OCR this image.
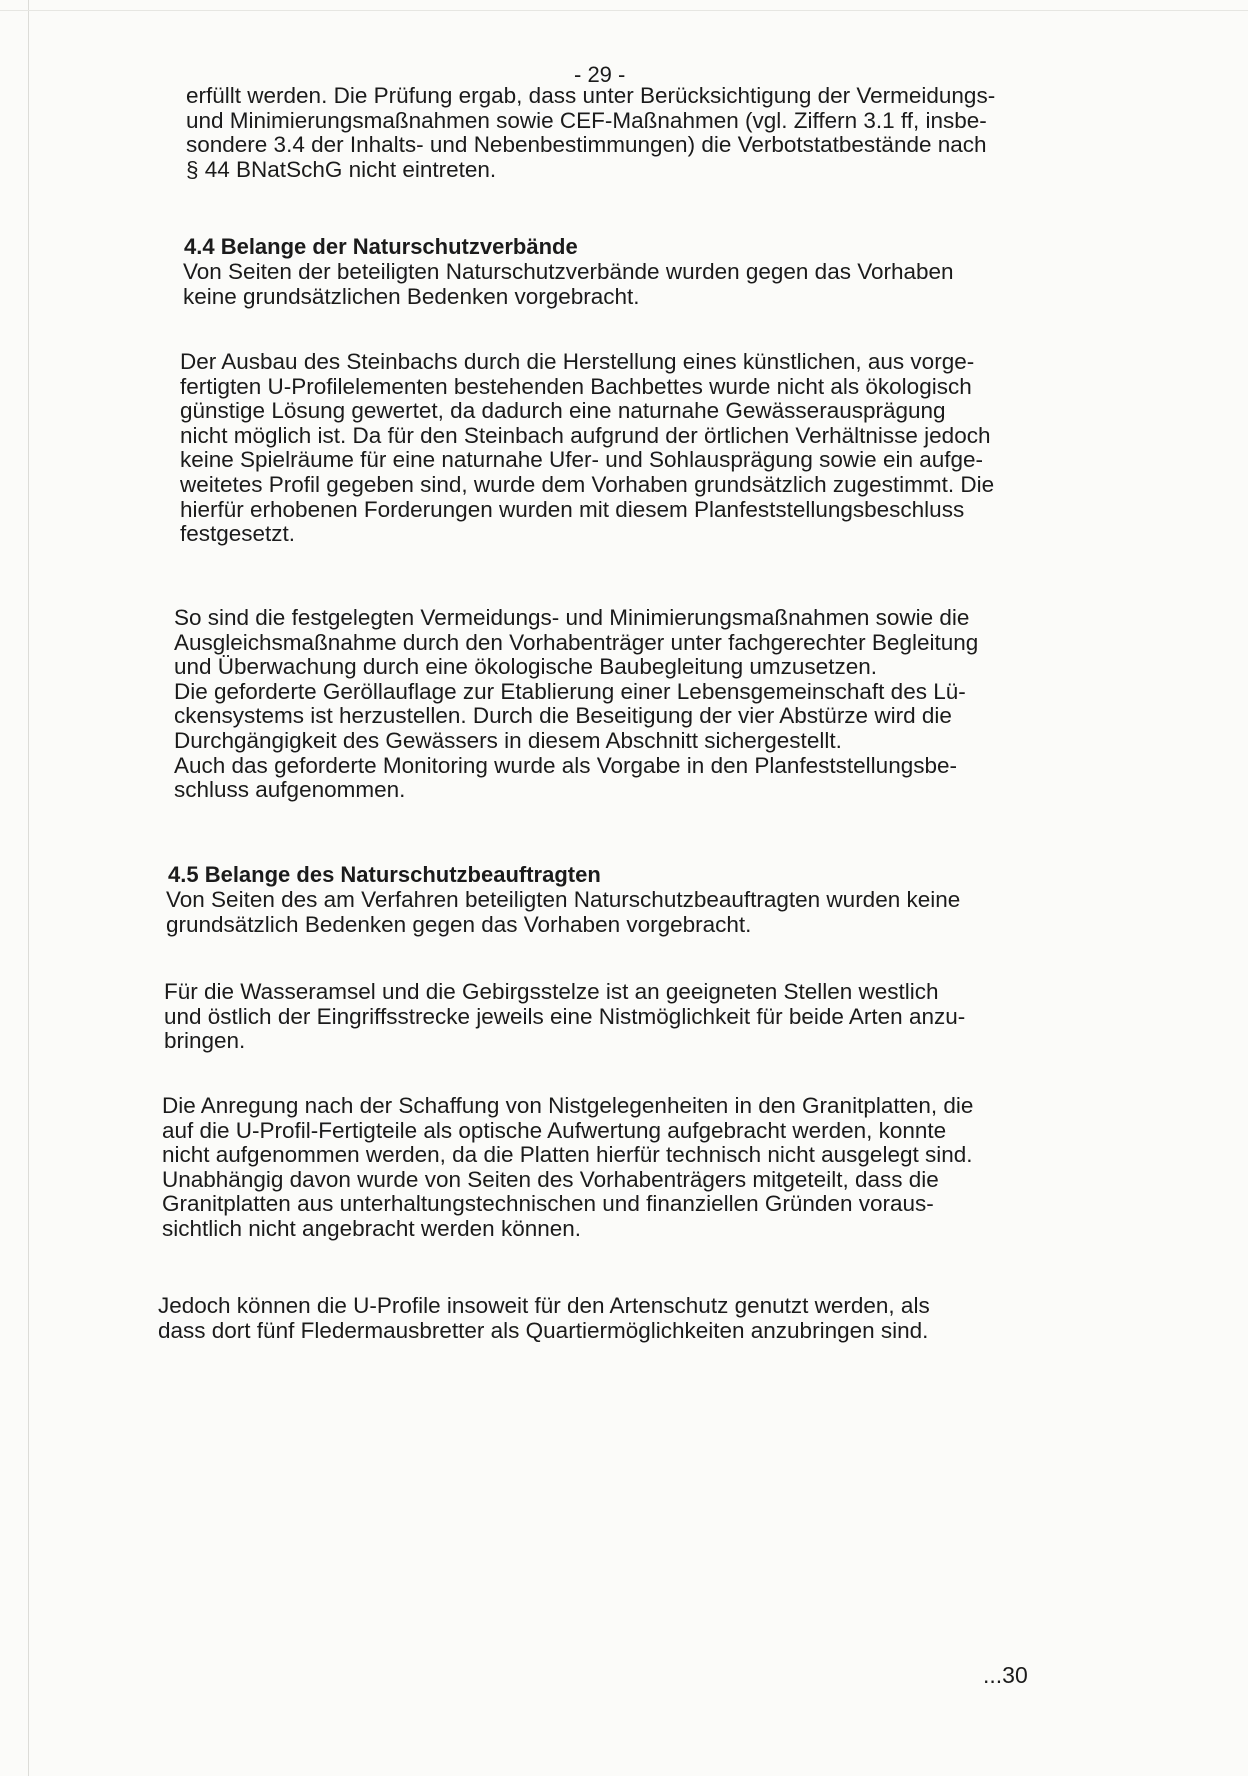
- 29 -

erfüllt werden. Die Prüfung ergab, dass unter Berücksichtigung der Vermeidungs-
und Minimierungsmaßnahmen sowie CEF-Maßnahmen (vgl. Ziffern 3.1 ff, insbe-
sondere 3.4 der Inhalts- und Nebenbestimmungen) die Verbotstatbestände nach
§ 44 BNatSchG nicht eintreten.

4.4 Belange der Naturschutzverbände

Von Seiten der beteiligten Naturschutzverbände wurden gegen das Vorhaben
keine grundsätzlichen Bedenken vorgebracht.

Der Ausbau des Steinbachs durch die Herstellung eines künstlichen, aus vorge-
fertigten U-Profilelementen bestehenden Bachbettes wurde nicht als ökologisch
günstige Lösung gewertet, da dadurch eine naturnahe Gewässerausprägung
nicht möglich ist. Da für den Steinbach aufgrund der örtlichen Verhältnisse jedoch
keine Spielräume für eine naturnahe Ufer- und Sohlausprägung sowie ein aufge-
weitetes Profil gegeben sind, wurde dem Vorhaben grundsätzlich zugestimmt. Die
hierfür erhobenen Forderungen wurden mit diesem Planfeststellungsbeschluss
festgesetzt.

So sind die festgelegten Vermeidungs- und Minimierungsmaßnahmen sowie die
Ausgleichsmaßnahme durch den Vorhabenträger unter fachgerechter Begleitung
und Überwachung durch eine ökologische Baubegleitung umzusetzen.
Die geforderte Geröllauflage zur Etablierung einer Lebensgemeinschaft des Lü-
ckensystems ist herzustellen. Durch die Beseitigung der vier Abstürze wird die
Durchgängigkeit des Gewässers in diesem Abschnitt sichergestellt.
Auch das geforderte Monitoring wurde als Vorgabe in den Planfeststellungsbe-
schluss aufgenommen.

4.5 Belange des Naturschutzbeauftragten

Von Seiten des am Verfahren beteiligten Naturschutzbeauftragten wurden keine
grundsätzlich Bedenken gegen das Vorhaben vorgebracht.

Für die Wasseramsel und die Gebirgsstelze ist an geeigneten Stellen westlich
und östlich der Eingriffsstrecke jeweils eine Nistmöglichkeit für beide Arten anzu-
bringen.

Die Anregung nach der Schaffung von Nistgelegenheiten in den Granitplatten, die
auf die U-Profil-Fertigteile als optische Aufwertung aufgebracht werden, konnte
nicht aufgenommen werden, da die Platten hierfür technisch nicht ausgelegt sind.
Unabhängig davon wurde von Seiten des Vorhabenträgers mitgeteilt, dass die
Granitplatten aus unterhaltungstechnischen und finanziellen Gründen voraus-
sichtlich nicht angebracht werden können.

Jedoch können die U-Profile insoweit für den Artenschutz genutzt werden, als
dass dort fünf Fledermausbretter als Quartiermöglichkeiten anzubringen sind.

...30
